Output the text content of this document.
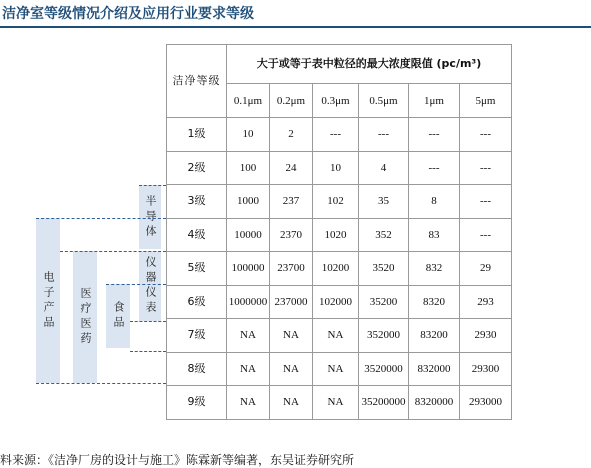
洁净室等级情况介绍及应用行业要求等级
电子产品 医疗医药 食品
半导体
仪器仪表
洁净等级	大于或等于表中粒径的最大浓度限值 (pc/m³)					
	0.1μm	0.2μm	0.3μm	0.5μm	1μm	5μm
1级	10	2	---	---	---	---
2级	100	24	10	4	---	---
3级	1000	237	102	35	8	---
4级	10000	2370	1020	352	83	---
5级	100000	23700	10200	3520	832	29
6级	1000000	237000	102000	35200	8320	293
7级	NA	NA	NA	352000	83200	2930
8级	NA	NA	NA	3520000	832000	29300
9级	NA	NA	NA	35200000	8320000	293000
料来源：《洁净厂房的设计与施工》陈霖新等编著，东吴证券研究所
